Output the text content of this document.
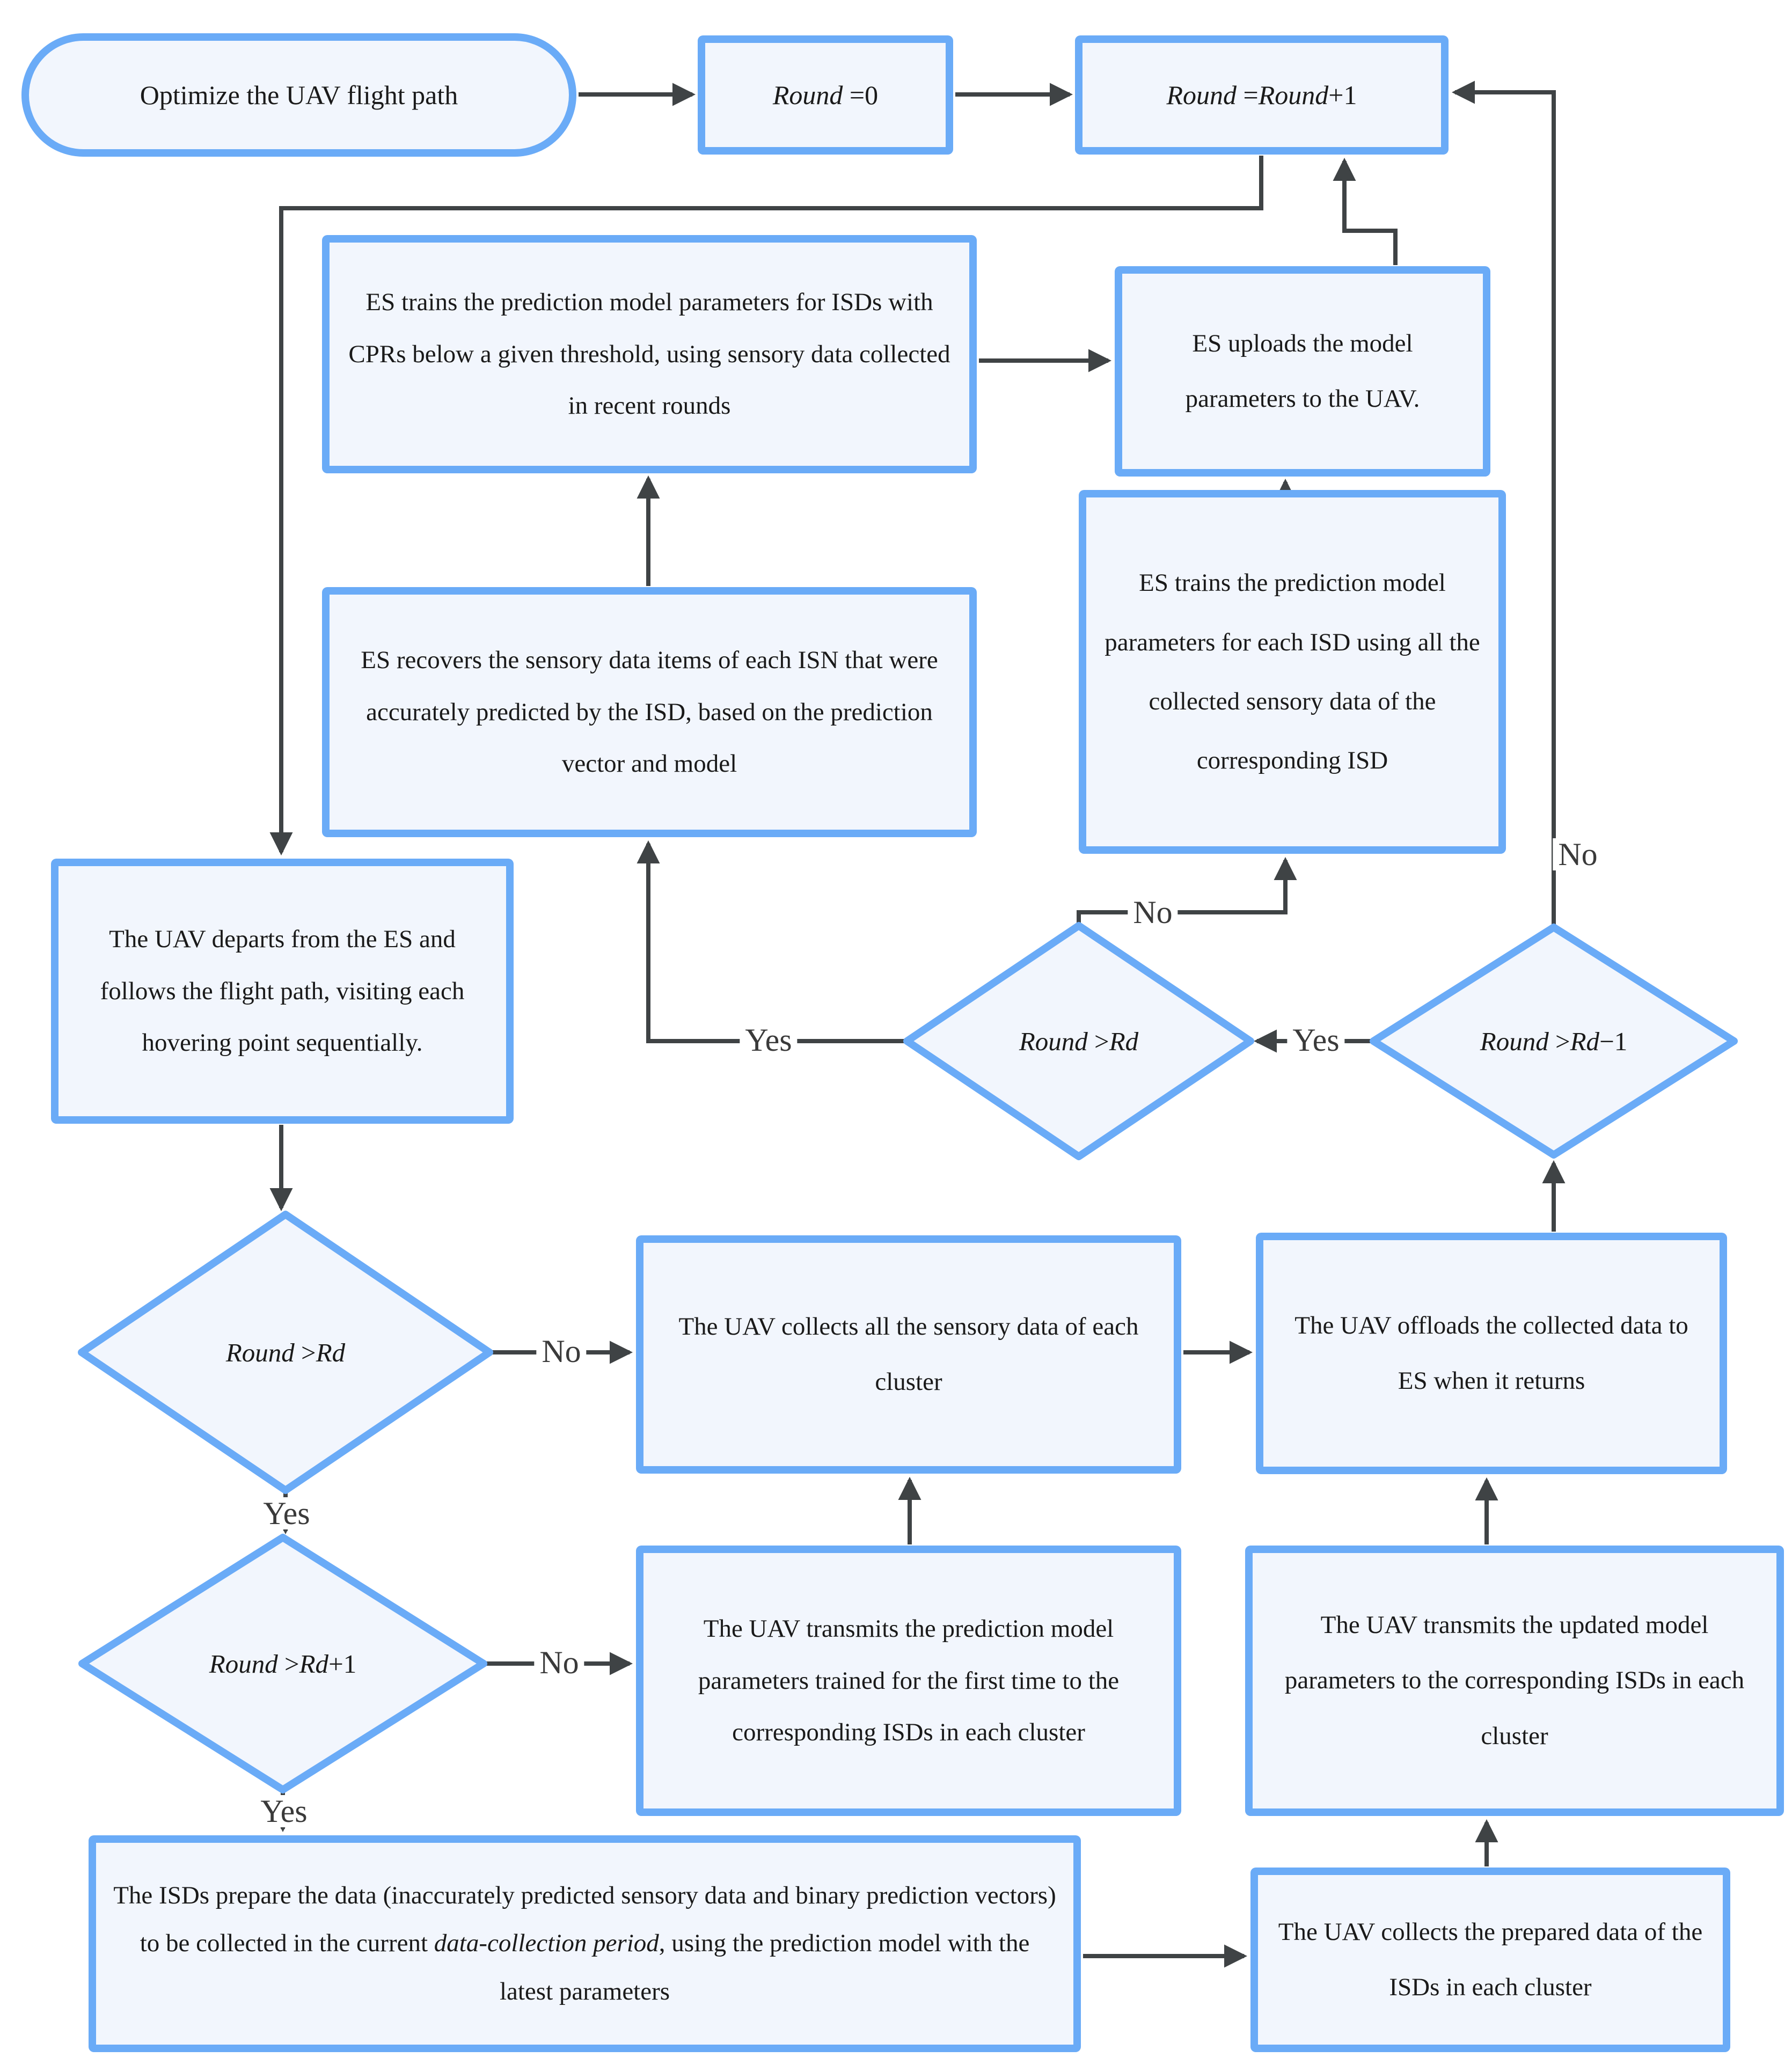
Optimize the UAV flight path	Round =0	Round =Round+1
ES trains the prediction model parameters for ISDs with CPRs below a given threshold, using sensory data collected in recent rounds
ES uploads the model parameters to the UAV.
ES recovers the sensory data items of each ISN that were accurately predicted by the ISD, based on the prediction vector and model
ES trains the prediction model parameters for each ISD using all the collected sensory data of the corresponding ISD
The UAV departs from the ES and follows the flight path, visiting each hovering point sequentially.
The UAV collects all the sensory data of each cluster
The UAV offloads the collected data to ES when it returns
The UAV transmits the prediction model parameters trained for the first time to the corresponding ISDs in each cluster
The UAV transmits the updated model parameters to the corresponding ISDs in each cluster
The ISDs prepare the data (inaccurately predicted sensory data and binary prediction vectors) to be collected in the current data-collection period, using the prediction model with the latest parameters
The UAV collects the prepared data of the ISDs in each cluster
Round >Rd	Round >Rd−1
Round >Rd
Round >Rd+1
No
Yes
No
Yes
No
Yes
No
Yes
